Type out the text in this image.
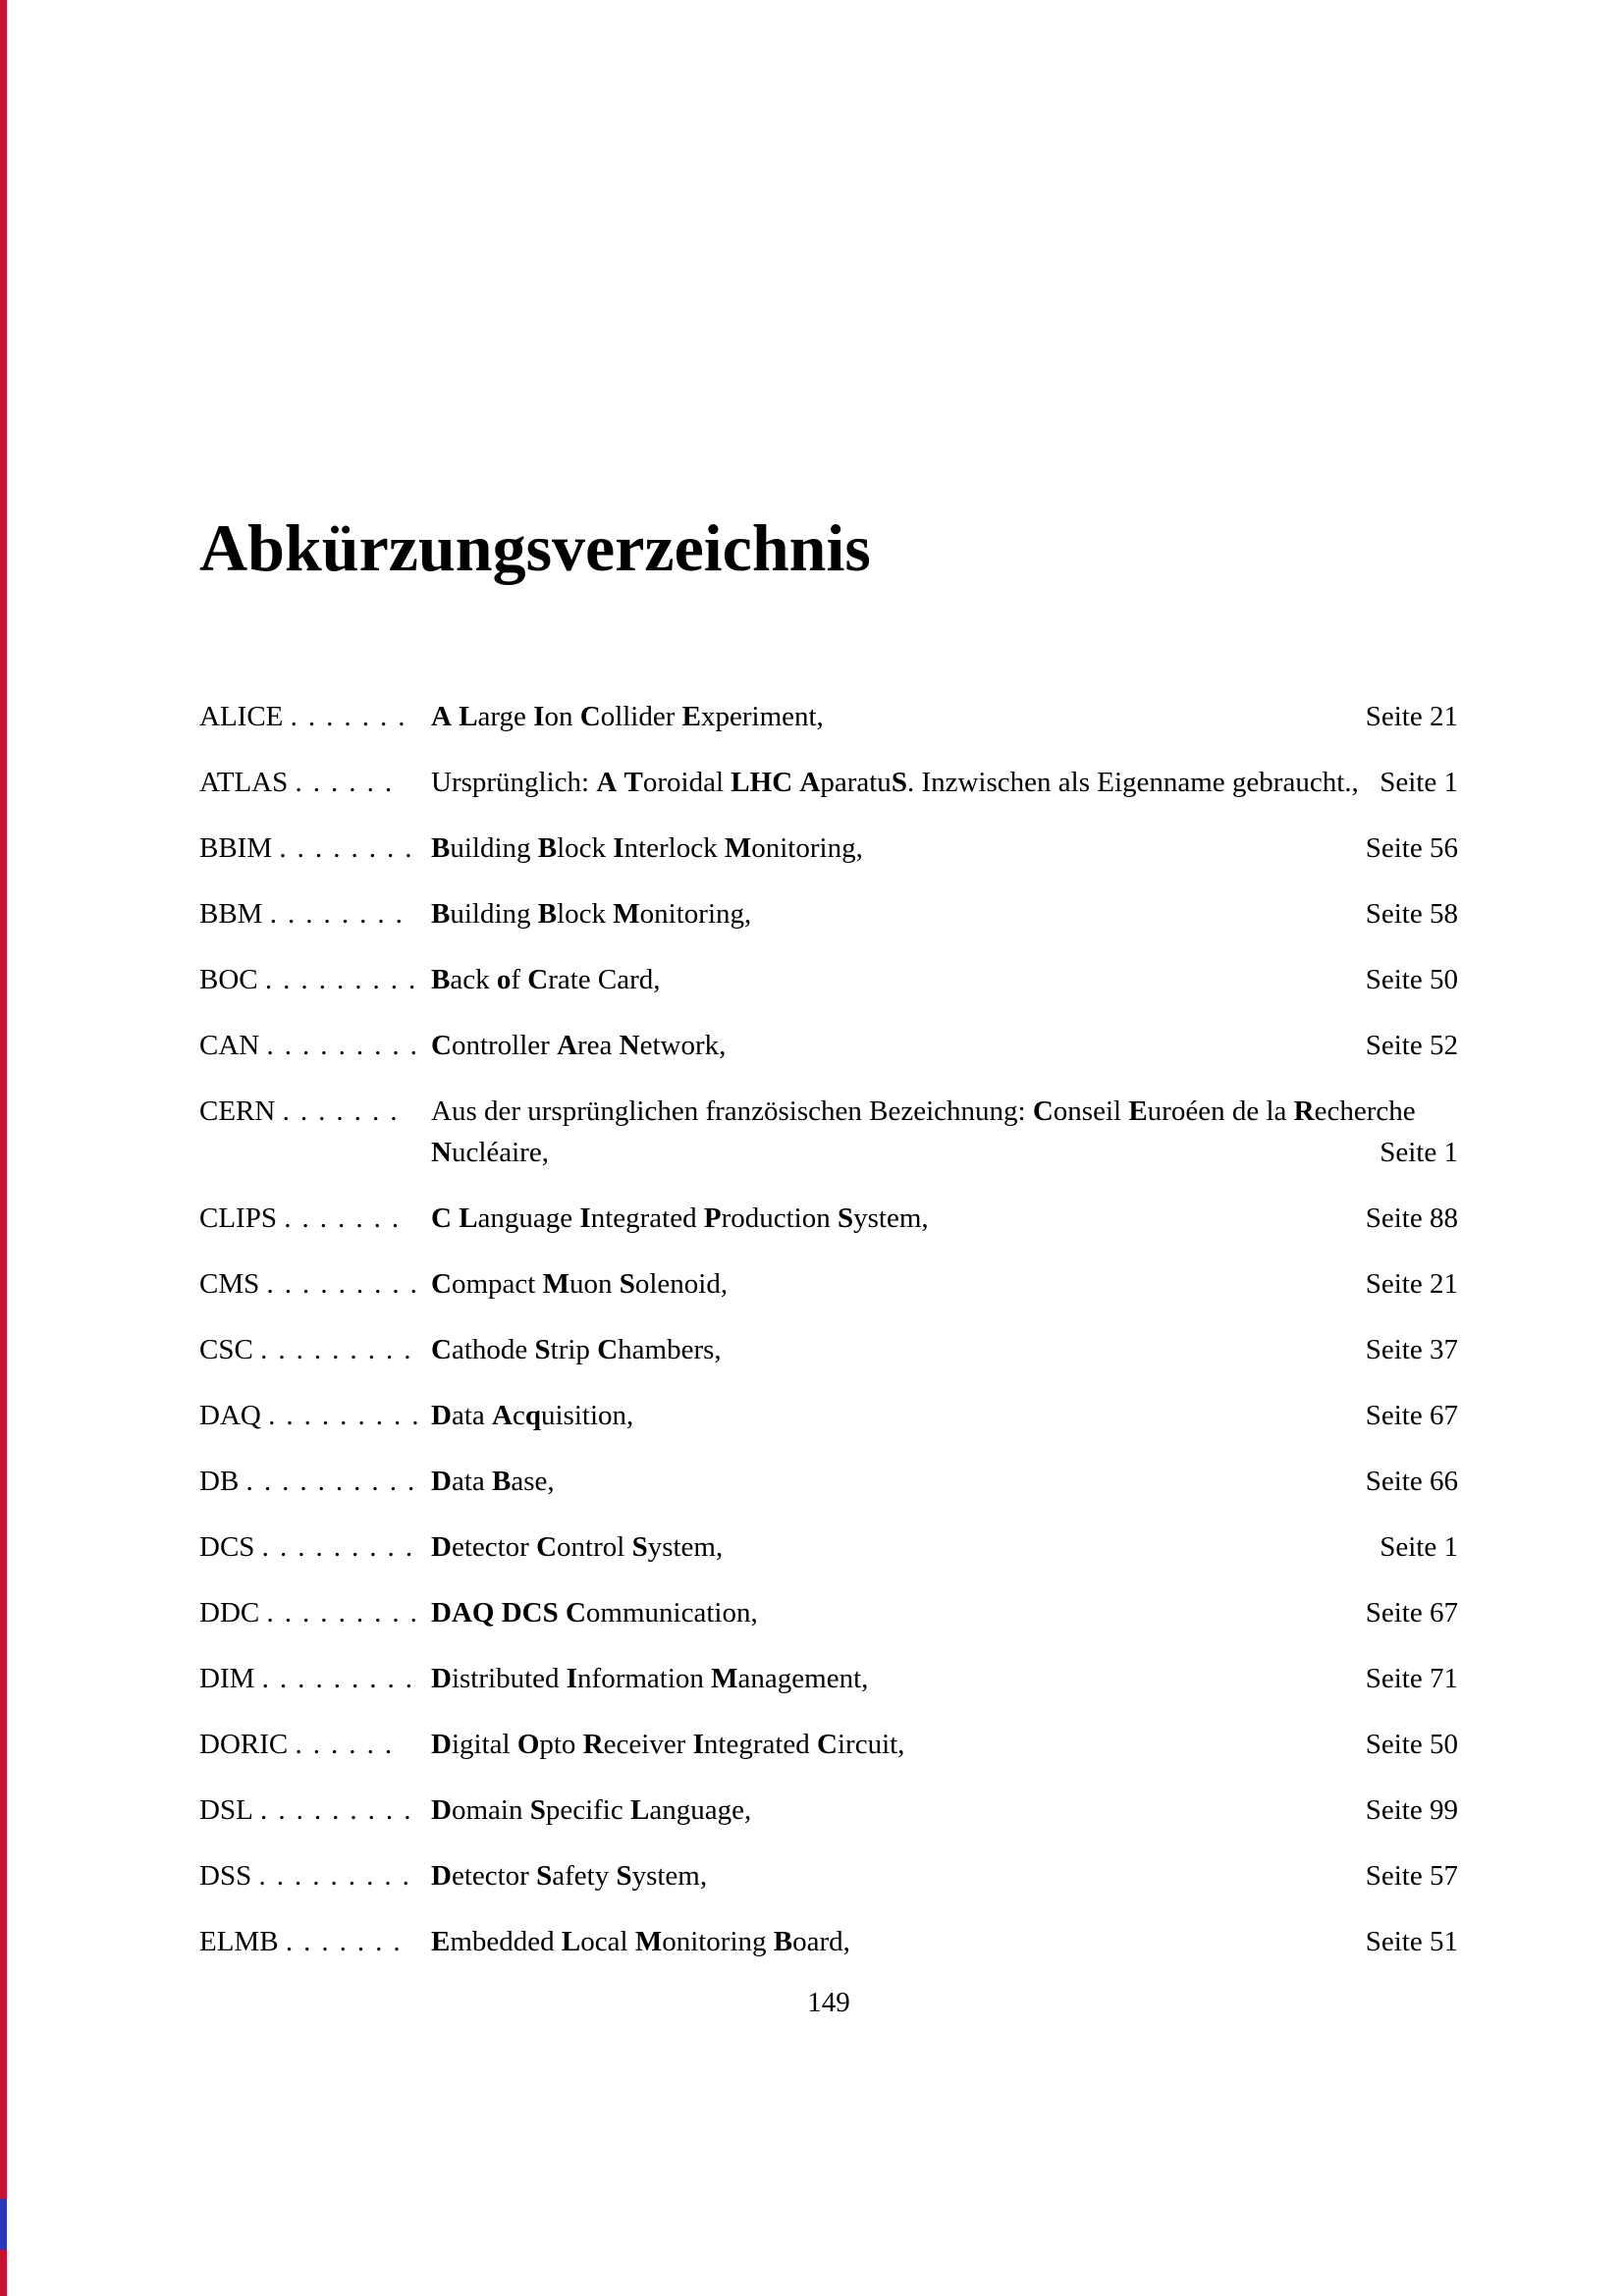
Abkürzungsverzeichnis
ALICE ....... A Large Ion Collider Experiment,	Seite 21
ATLAS ...... Ursprünglich: A Toroidal LHC AparatuS. Inzwischen als Eigenname gebraucht., Seite 1
BBIM ........ Building Block Interlock Monitoring,	Seite 56
BBM ........ Building Block Monitoring,	Seite 58
BOC ......... Back of Crate Card,	Seite 50
CAN ......... Controller Area Network,	Seite 52
CERN ....... Aus der ursprünglichen französischen Bezeichnung: Conseil Euroéen de la Recherche Nucléaire,	Seite 1
CLIPS ....... C Language Integrated Production System,	Seite 88
CMS ......... Compact Muon Solenoid,	Seite 21
CSC ......... Cathode Strip Chambers,	Seite 37
DAQ ......... Data Acquisition,	Seite 67
DB .......... Data Base,	Seite 66
DCS ......... Detector Control System,	Seite 1
DDC ......... DAQ DCS Communication,	Seite 67
DIM ......... Distributed Information Management,	Seite 71
DORIC ...... Digital Opto Receiver Integrated Circuit,	Seite 50
DSL ......... Domain Specific Language,	Seite 99
DSS ......... Detector Safety System,	Seite 57
ELMB ....... Embedded Local Monitoring Board,	Seite 51
149
